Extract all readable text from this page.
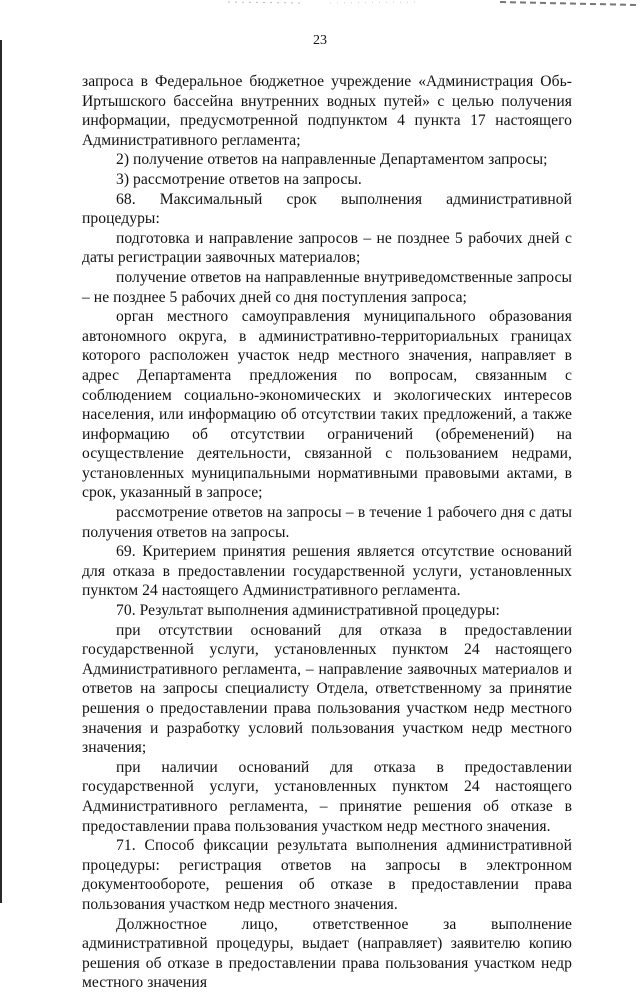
23

запроса в Федеральное бюджетное учреждение «Администрация Обь-Иртышского бассейна внутренних водных путей» с целью получения информации, предусмотренной подпунктом 4 пункта 17 настоящего Административного регламента;

2) получение ответов на направленные Департаментом запросы;

3) рассмотрение ответов на запросы.

68. Максимальный срок выполнения административной процедуры:

подготовка и направление запросов – не позднее 5 рабочих дней с даты регистрации заявочных материалов;

получение ответов на направленные внутриведомственные запросы – не позднее 5 рабочих дней со дня поступления запроса;

орган местного самоуправления муниципального образования автономного округа, в административно-территориальных границах которого расположен участок недр местного значения, направляет в адрес Департамента предложения по вопросам, связанным с соблюдением социально-экономических и экологических интересов населения, или информацию об отсутствии таких предложений, а также информацию об отсутствии ограничений (обременений) на осуществление деятельности, связанной с пользованием недрами, установленных муниципальными нормативными правовыми актами, в срок, указанный в запросе;

рассмотрение ответов на запросы – в течение 1 рабочего дня с даты получения ответов на запросы.

69. Критерием принятия решения является отсутствие оснований для отказа в предоставлении государственной услуги, установленных пунктом 24 настоящего Административного регламента.

70. Результат выполнения административной процедуры:

при отсутствии оснований для отказа в предоставлении государственной услуги, установленных пунктом 24 настоящего Административного регламента, – направление заявочных материалов и ответов на запросы специалисту Отдела, ответственному за принятие решения о предоставлении права пользования участком недр местного значения и разработку условий пользования участком недр местного значения;

при наличии оснований для отказа в предоставлении государственной услуги, установленных пунктом 24 настоящего Административного регламента, – принятие решения об отказе в предоставлении права пользования участком недр местного значения.

71. Способ фиксации результата выполнения административной процедуры: регистрация ответов на запросы в электронном документообороте, решения об отказе в предоставлении права пользования участком недр местного значения.

Должностное лицо, ответственное за выполнение административной процедуры, выдает (направляет) заявителю копию решения об отказе в предоставлении права пользования участком недр местного значения
